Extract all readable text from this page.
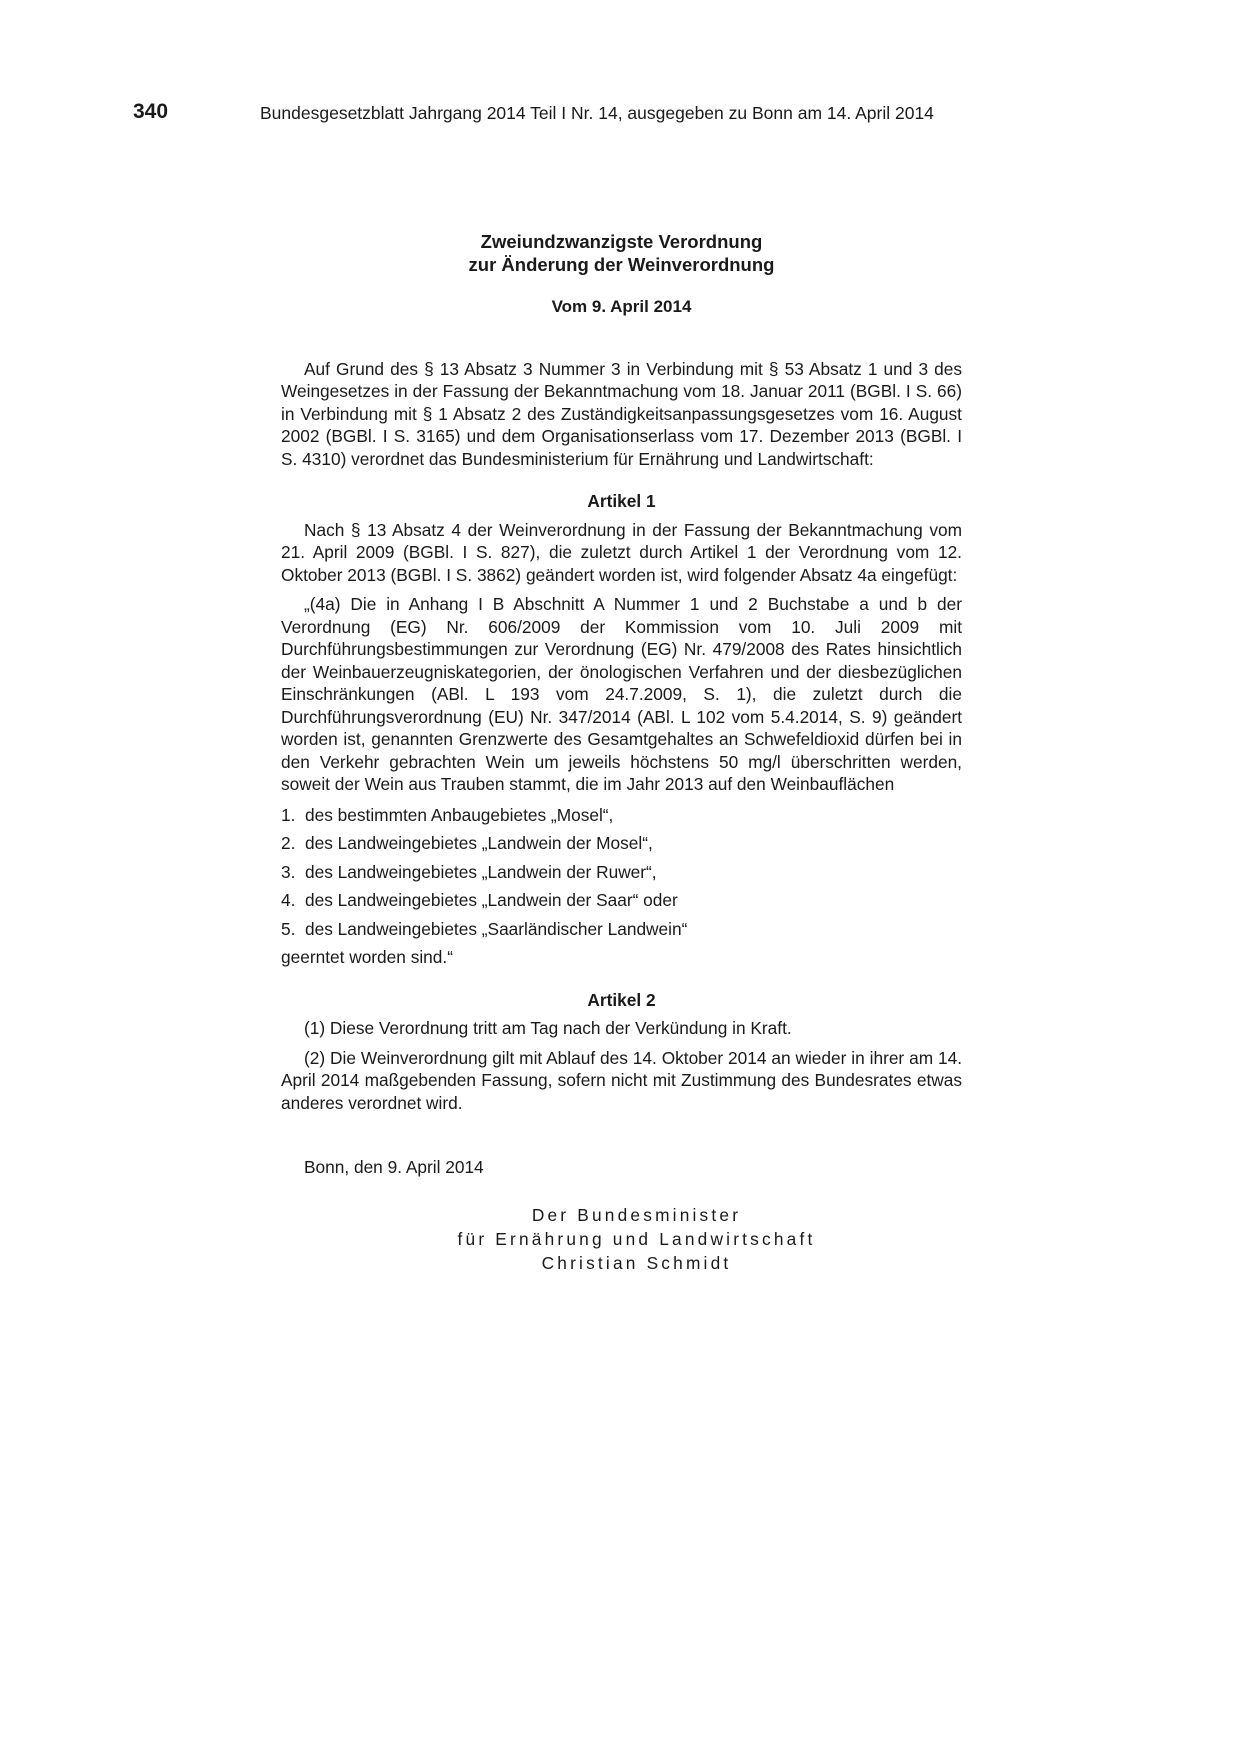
340	Bundesgesetzblatt Jahrgang 2014 Teil I Nr. 14, ausgegeben zu Bonn am 14. April 2014
Zweiundzwanzigste Verordnung
zur Änderung der Weinverordnung
Vom 9. April 2014

Auf Grund des § 13 Absatz 3 Nummer 3 in Verbindung mit § 53 Absatz 1 und 3 des Weingesetzes in der Fassung der Bekanntmachung vom 18. Januar 2011 (BGBl. I S. 66) in Verbindung mit § 1 Absatz 2 des Zuständigkeitsanpassungsgesetzes vom 16. August 2002 (BGBl. I S. 3165) und dem Organisationserlass vom 17. Dezember 2013 (BGBl. I S. 4310) verordnet das Bundesministerium für Ernährung und Landwirtschaft:

Artikel 1

Nach § 13 Absatz 4 der Weinverordnung in der Fassung der Bekanntmachung vom 21. April 2009 (BGBl. I S. 827), die zuletzt durch Artikel 1 der Verordnung vom 12. Oktober 2013 (BGBl. I S. 3862) geändert worden ist, wird folgender Absatz 4a eingefügt:

„(4a) Die in Anhang I B Abschnitt A Nummer 1 und 2 Buchstabe a und b der Verordnung (EG) Nr. 606/2009 der Kommission vom 10. Juli 2009 mit Durchführungsbestimmungen zur Verordnung (EG) Nr. 479/2008 des Rates hinsichtlich der Weinbauerzeugniskategorien, der önologischen Verfahren und der diesbezüglichen Einschränkungen (ABl. L 193 vom 24.7.2009, S. 1), die zuletzt durch die Durchführungsverordnung (EU) Nr. 347/2014 (ABl. L 102 vom 5.4.2014, S. 9) geändert worden ist, genannten Grenzwerte des Gesamtgehaltes an Schwefeldioxid dürfen bei in den Verkehr gebrachten Wein um jeweils höchstens 50 mg/l überschritten werden, soweit der Wein aus Trauben stammt, die im Jahr 2013 auf den Weinbauflächen

1. des bestimmten Anbaugebietes „Mosel“,
2. des Landweingebietes „Landwein der Mosel“,
3. des Landweingebietes „Landwein der Ruwer“,
4. des Landweingebietes „Landwein der Saar“ oder
5. des Landweingebietes „Saarländischer Landwein“

geerntet worden sind.“

Artikel 2

(1) Diese Verordnung tritt am Tag nach der Verkündung in Kraft.

(2) Die Weinverordnung gilt mit Ablauf des 14. Oktober 2014 an wieder in ihrer am 14. April 2014 maßgebenden Fassung, sofern nicht mit Zustimmung des Bundesrates etwas anderes verordnet wird.

Bonn, den 9. April 2014

Der Bundesminister
für Ernährung und Landwirtschaft
Christian Schmidt
